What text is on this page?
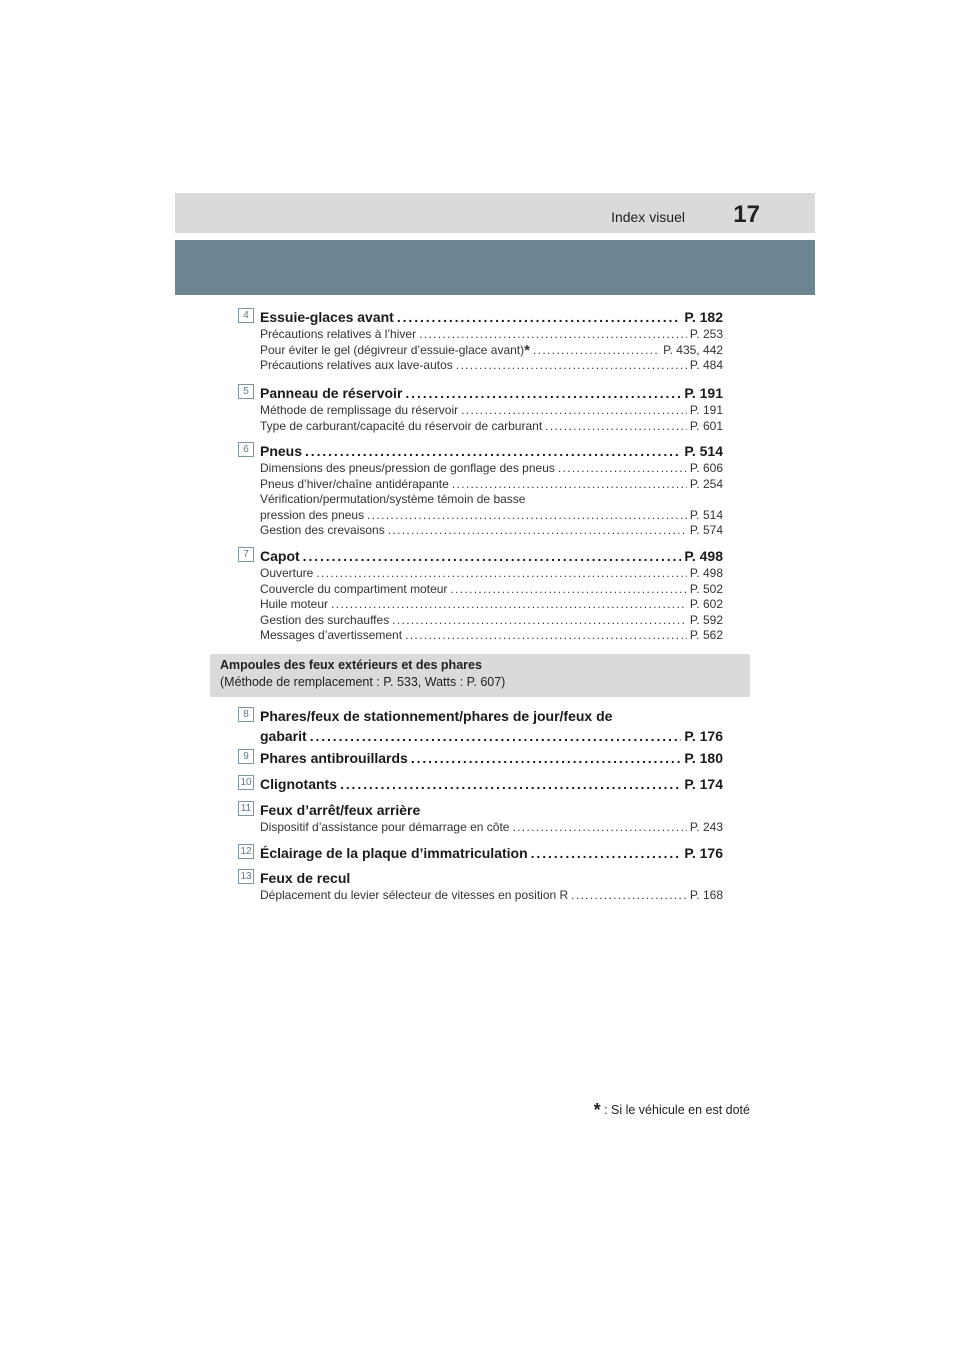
Index visuel 17
4 Essuie-glaces avant . . .	P. 182
Précautions relatives à l’hiver . . .	P. 253
Pour éviter le gel (dégivreur d’essuie-glace avant)* . . .	P. 435, 442
Précautions relatives aux lave-autos . . .	P. 484
5 Panneau de réservoir . . .	P. 191
Méthode de remplissage du réservoir . . .	P. 191
Type de carburant/capacité du réservoir de carburant . . .	P. 601
6 Pneus . . .	P. 514
Dimensions des pneus/pression de gonflage des pneus . . .	P. 606
Pneus d’hiver/chaîne antidérapante . . .	P. 254
Vérification/permutation/système témoin de basse
pression des pneus . . .	P. 514
Gestion des crevaisons . . .	P. 574
7 Capot . . .	P. 498
Ouverture . . .	P. 498
Couvercle du compartiment moteur . . .	P. 502
Huile moteur . . .	P. 602
Gestion des surchauffes . . .	P. 592
Messages d’avertissement . . .	P. 562
Ampoules des feux extérieurs et des phares
(Méthode de remplacement : P. 533, Watts : P. 607)
8 Phares/feux de stationnement/phares de jour/feux de
gabarit . . .	P. 176
9 Phares antibrouillards . . .	P. 180
10 Clignotants . . .	P. 174
11 Feux d’arrêt/feux arrière
Dispositif d’assistance pour démarrage en côte . . .	P. 243
12 Éclairage de la plaque d’immatriculation . . .	P. 176
13 Feux de recul
Déplacement du levier sélecteur de vitesses en position R . . .	P. 168
* : Si le véhicule en est doté
